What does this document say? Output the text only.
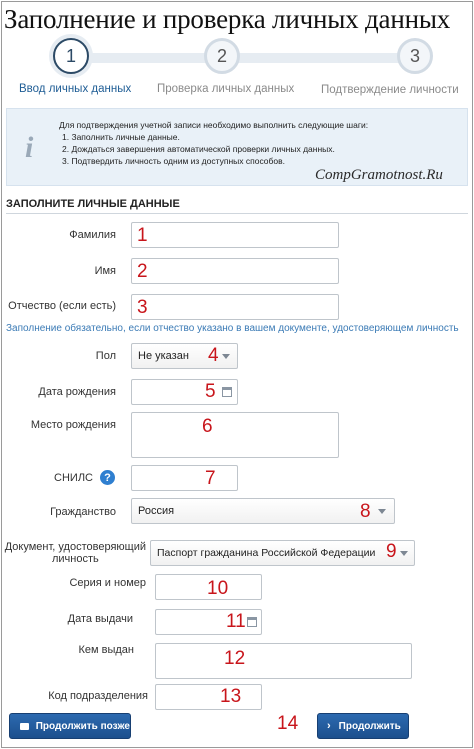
Заполнение и проверка личных данных
1	2	3
Ввод личных данных Проверка личных данных Подтверждение личности
i
Для подтверждения учетной записи необходимо выполнить следующие шаги:
1. Заполнить личные данные.
2. Дождаться завершения автоматической проверки личных данных.
3. Подтвердить личность одним из доступных способов.
CompGramotnost.Ru
ЗАПОЛНИТЕ ЛИЧНЫЕ ДАННЫЕ
Фамилия 1
Имя 2
Отчество (если есть) 3
Заполнение обязательно, если отчество указано в вашем документе, удостоверяющем личность
Пол	Не указан	4
Дата рождения	5
Место рождения	6
СНИЛС	?	7
Гражданство	Россия	8
Документ, удостоверяющий
личность	Паспорт гражданина Российской Федерации 9
Серия и номер	10
Дата выдачи	11
Кем выдан	12
Код подразделения	13
Продолжить позже	14	› Продолжить
